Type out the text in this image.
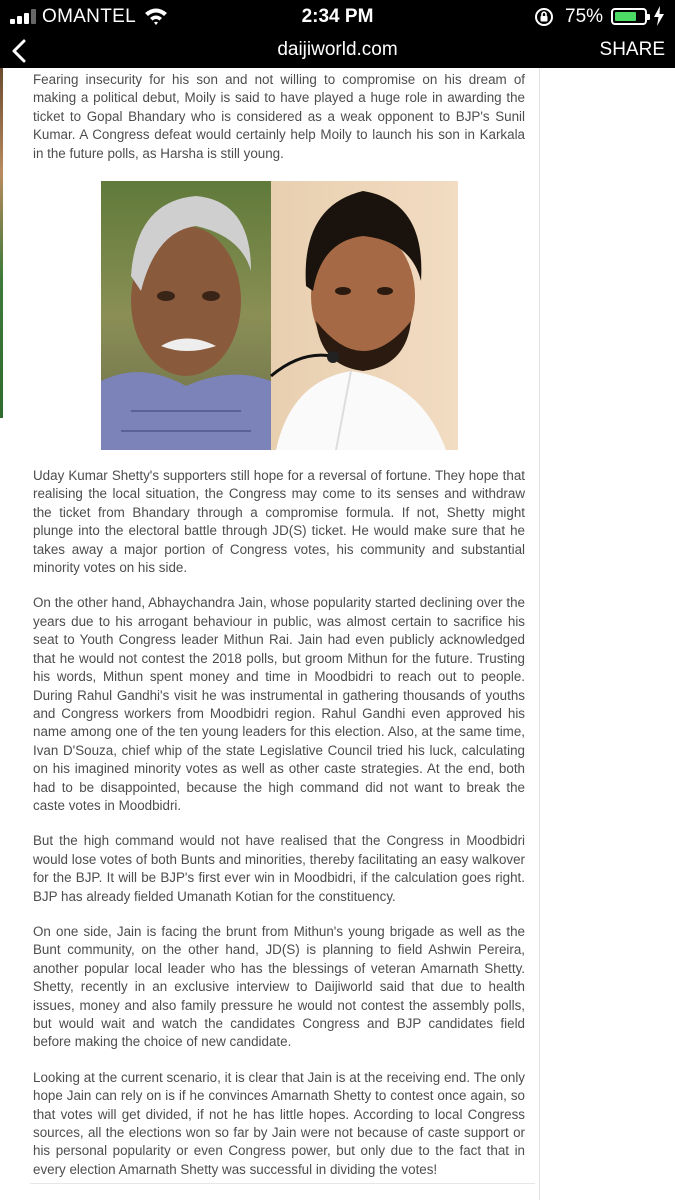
OMANTEL	2:34 PM	75%
daijiworld.com	SHARE

Fearing insecurity for his son and not willing to compromise on his dream of making a political debut, Moily is said to have played a huge role in awarding the ticket to Gopal Bhandary who is considered as a weak opponent to BJP's Sunil Kumar. A Congress defeat would certainly help Moily to launch his son in Karkala in the future polls, as Harsha is still young.

Uday Kumar Shetty's supporters still hope for a reversal of fortune. They hope that realising the local situation, the Congress may come to its senses and withdraw the ticket from Bhandary through a compromise formula. If not, Shetty might plunge into the electoral battle through JD(S) ticket. He would make sure that he takes away a major portion of Congress votes, his community and substantial minority votes on his side.

On the other hand, Abhaychandra Jain, whose popularity started declining over the years due to his arrogant behaviour in public, was almost certain to sacrifice his seat to Youth Congress leader Mithun Rai. Jain had even publicly acknowledged that he would not contest the 2018 polls, but groom Mithun for the future. Trusting his words, Mithun spent money and time in Moodbidri to reach out to people. During Rahul Gandhi's visit he was instrumental in gathering thousands of youths and Congress workers from Moodbidri region. Rahul Gandhi even approved his name among one of the ten young leaders for this election. Also, at the same time, Ivan D'Souza, chief whip of the state Legislative Council tried his luck, calculating on his imagined minority votes as well as other caste strategies. At the end, both had to be disappointed, because the high command did not want to break the caste votes in Moodbidri.

But the high command would not have realised that the Congress in Moodbidri would lose votes of both Bunts and minorities, thereby facilitating an easy walkover for the BJP. It will be BJP's first ever win in Moodbidri, if the calculation goes right. BJP has already fielded Umanath Kotian for the constituency.

On one side, Jain is facing the brunt from Mithun's young brigade as well as the Bunt community, on the other hand, JD(S) is planning to field Ashwin Pereira, another popular local leader who has the blessings of veteran Amarnath Shetty. Shetty, recently in an exclusive interview to Daijiworld said that due to health issues, money and also family pressure he would not contest the assembly polls, but would wait and watch the candidates Congress and BJP candidates field before making the choice of new candidate.

Looking at the current scenario, it is clear that Jain is at the receiving end. The only hope Jain can rely on is if he convinces Amarnath Shetty to contest once again, so that votes will get divided, if not he has little hopes. According to local Congress sources, all the elections won so far by Jain were not because of caste support or his personal popularity or even Congress power, but only due to the fact that in every election Amarnath Shetty was successful in dividing the votes!
